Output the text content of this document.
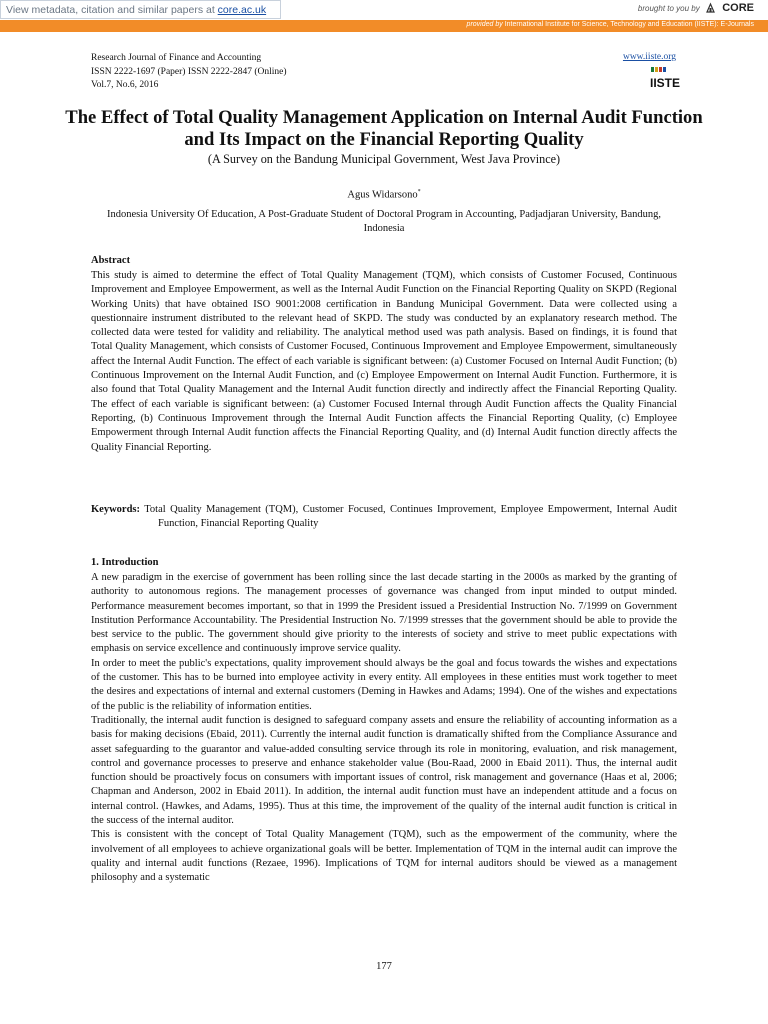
View metadata, citation and similar papers at core.ac.uk	brought to you by CORE
provided by International Institute for Science, Technology and Education (IISTE): E-Journals
Research Journal of Finance and Accounting
ISSN 2222-1697 (Paper) ISSN 2222-2847 (Online)
Vol.7, No.6, 2016
www.iiste.org
IISTE
The Effect of Total Quality Management Application on Internal Audit Function and Its Impact on the Financial Reporting Quality
(A Survey on the Bandung Municipal Government, West Java Province)
Agus Widarsono*
Indonesia University Of Education, A Post-Graduate Student of Doctoral Program in Accounting, Padjadjaran University, Bandung, Indonesia
Abstract
This study is aimed to determine the effect of Total Quality Management (TQM), which consists of Customer Focused, Continuous Improvement and Employee Empowerment, as well as the Internal Audit Function on the Financial Reporting Quality on SKPD (Regional Working Units) that have obtained ISO 9001:2008 certification in Bandung Municipal Government. Data were collected using a questionnaire instrument distributed to the relevant head of SKPD. The study was conducted by an explanatory research method. The collected data were tested for validity and reliability. The analytical method used was path analysis. Based on findings, it is found that Total Quality Management, which consists of Customer Focused, Continuous Improvement and Employee Empowerment, simultaneously affect the Internal Audit Function. The effect of each variable is significant between: (a) Customer Focused on Internal Audit Function; (b) Continuous Improvement on the Internal Audit Function, and (c) Employee Empowerment on Internal Audit Function. Furthermore, it is also found that Total Quality Management and the Internal Audit function directly and indirectly affect the Financial Reporting Quality. The effect of each variable is significant between: (a) Customer Focused Internal through Audit Function affects the Quality Financial Reporting, (b) Continuous Improvement through the Internal Audit Function affects the Financial Reporting Quality, (c) Employee Empowerment through Internal Audit function affects the Financial Reporting Quality, and (d) Internal Audit function directly affects the Quality Financial Reporting.
Keywords: Total Quality Management (TQM), Customer Focused, Continues Improvement, Employee Empowerment, Internal Audit Function, Financial Reporting Quality
1. Introduction

A new paradigm in the exercise of government has been rolling since the last decade starting in the 2000s as marked by the granting of authority to autonomous regions. The management processes of governance was changed from input minded to output minded. Performance measurement becomes important, so that in 1999 the President issued a Presidential Instruction No. 7/1999 on Government Institution Performance Accountability. The Presidential Instruction No. 7/1999 stresses that the government should be able to provide the best service to the public. The government should give priority to the interests of society and strive to meet public expectations with emphasis on service excellence and continuously improve service quality.

In order to meet the public's expectations, quality improvement should always be the goal and focus towards the wishes and expectations of the customer. This has to be burned into employee activity in every entity. All employees in these entities must work together to meet the desires and expectations of internal and external customers (Deming in Hawkes and Adams; 1994). One of the wishes and expectations of the public is the reliability of information entities.

Traditionally, the internal audit function is designed to safeguard company assets and ensure the reliability of accounting information as a basis for making decisions (Ebaid, 2011). Currently the internal audit function is dramatically shifted from the Compliance Assurance and asset safeguarding to the guarantor and value-added consulting service through its role in monitoring, evaluation, and risk management, control and governance processes to preserve and enhance stakeholder value (Bou-Raad, 2000 in Ebaid 2011). Thus, the internal audit function should be proactively focus on consumers with important issues of control, risk management and governance (Haas et al, 2006; Chapman and Anderson, 2002 in Ebaid 2011). In addition, the internal audit function must have an independent attitude and a focus on internal control. (Hawkes, and Adams, 1995). Thus at this time, the improvement of the quality of the internal audit function is critical in the success of the internal auditor.

This is consistent with the concept of Total Quality Management (TQM), such as the empowerment of the community, where the involvement of all employees to achieve organizational goals will be better. Implementation of TQM in the internal audit can improve the quality and internal audit functions (Rezaee, 1996). Implications of TQM for internal auditors should be viewed as a management philosophy and a systematic

177
